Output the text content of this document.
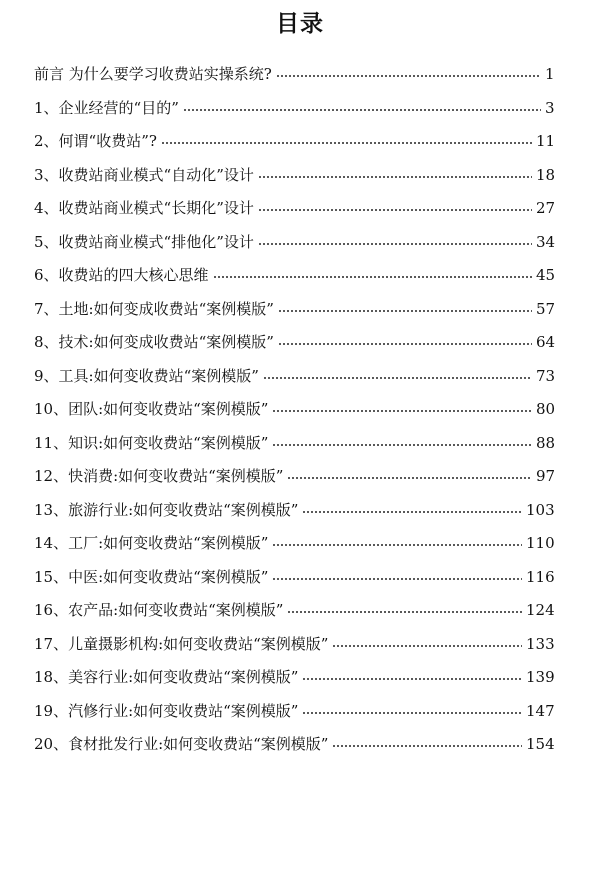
目录
前言 为什么要学习收费站实操系统?	1
1、企业经营的“目的”	3
2、何谓“收费站”?	11
3、收费站商业模式“自动化”设计	18
4、收费站商业模式“长期化”设计	27
5、收费站商业模式“排他化”设计	34
6、收费站的四大核心思维	45
7、土地:如何变成收费站“案例模版”	57
8、技术:如何变成收费站“案例模版”	64
9、工具:如何变收费站“案例模版”	73
10、团队:如何变收费站“案例模版”	80
11、知识:如何变收费站“案例模版”	88
12、快消费:如何变收费站“案例模版”	97
13、旅游行业:如何变收费站“案例模版”	103
14、工厂:如何变收费站“案例模版”	110
15、中医:如何变收费站“案例模版”	116
16、农产品:如何变收费站“案例模版”	124
17、儿童摄影机构:如何变收费站“案例模版”	133
18、美容行业:如何变收费站“案例模版”	139
19、汽修行业:如何变收费站“案例模版”	147
20、食材批发行业:如何变收费站“案例模版”	154
